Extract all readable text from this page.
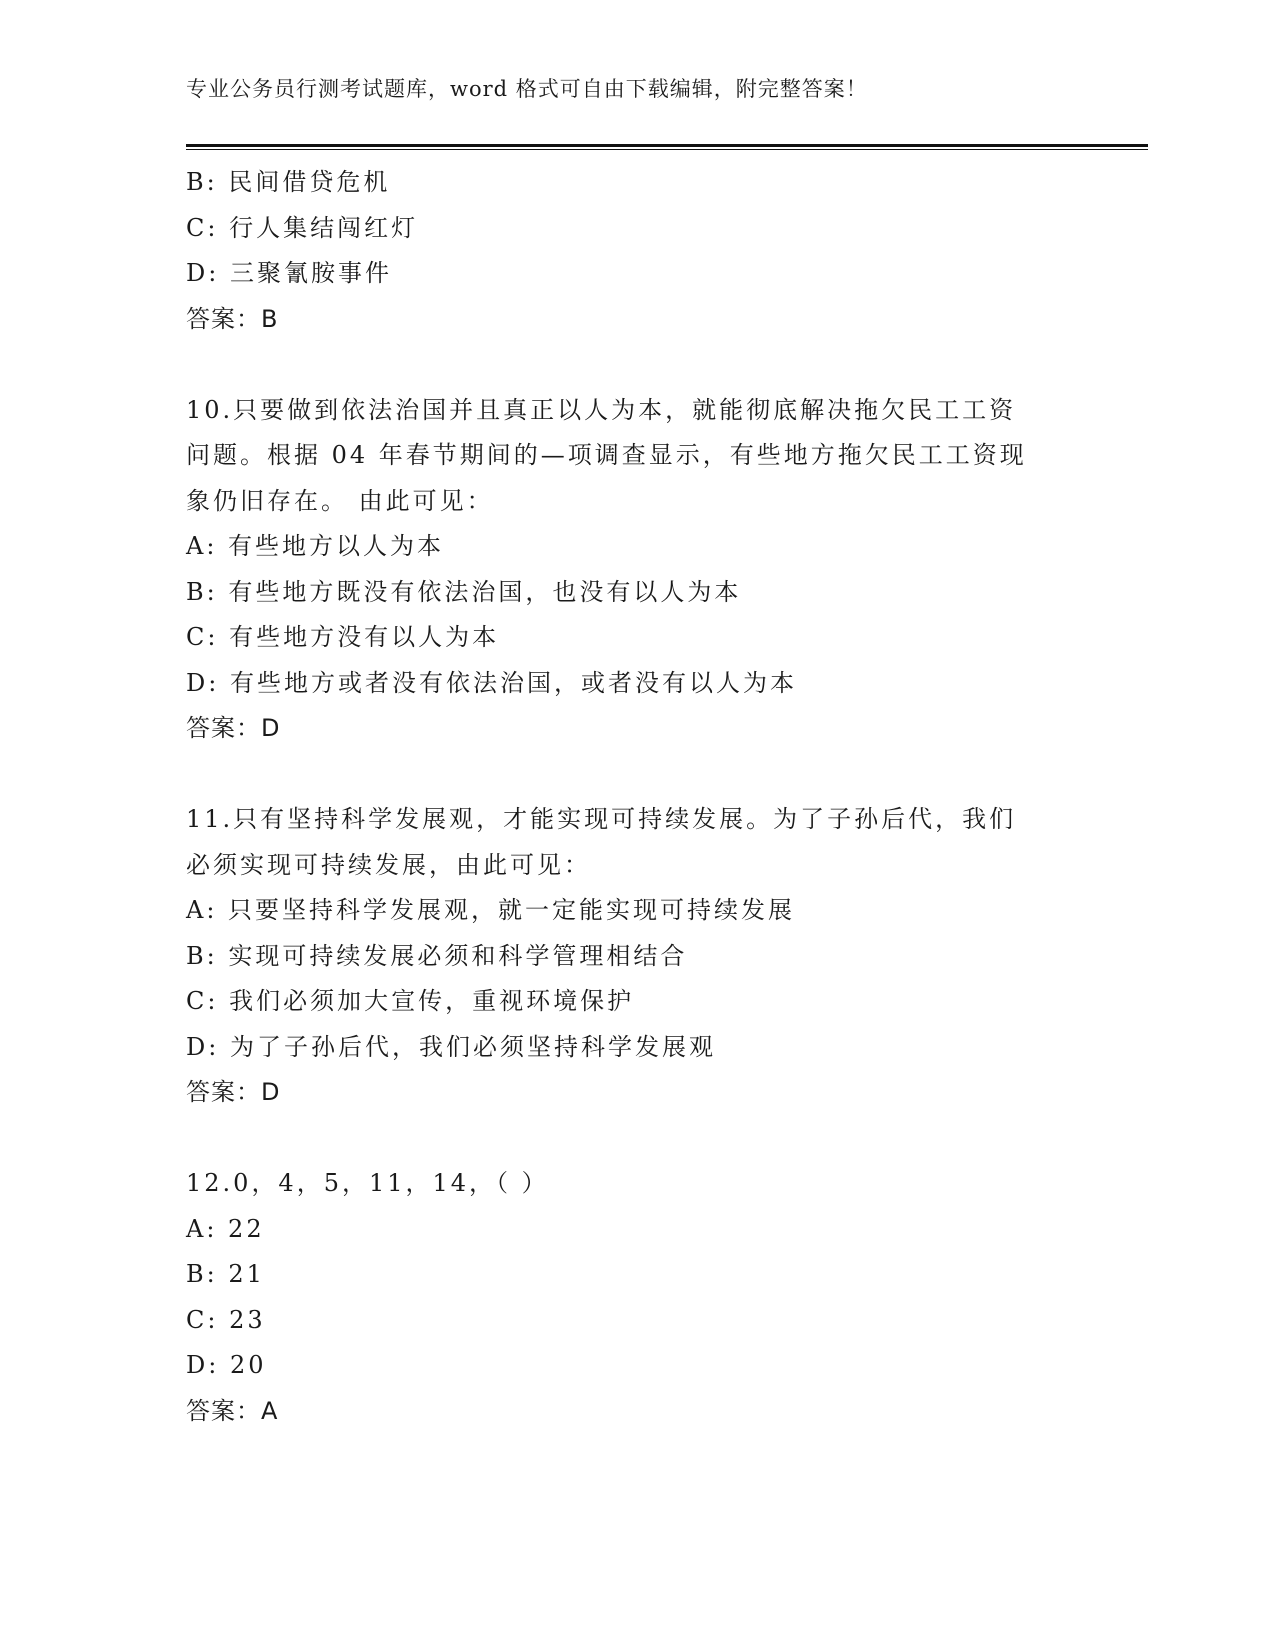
专业公务员行测考试题库，word 格式可自由下载编辑，附完整答案！
B: 民间借贷危机
C: 行人集结闯红灯
D: 三聚氰胺事件
答案：B
10.只要做到依法治国并且真正以人为本，就能彻底解决拖欠民工工资
问题。根据 04 年春节期间的—项调查显示，有些地方拖欠民工工资现
象仍旧存在。 由此可见：
A: 有些地方以人为本
B: 有些地方既没有依法治国，也没有以人为本
C: 有些地方没有以人为本
D: 有些地方或者没有依法治国，或者没有以人为本
答案：D
11.只有坚持科学发展观，才能实现可持续发展。为了子孙后代，我们
必须实现可持续发展，由此可见：
A: 只要坚持科学发展观，就一定能实现可持续发展
B: 实现可持续发展必须和科学管理相结合
C: 我们必须加大宣传，重视环境保护
D: 为了子孙后代，我们必须坚持科学发展观
答案：D
12.0，4，5，11，14，（ ）
A: 22
B: 21
C: 23
D: 20
答案：A
